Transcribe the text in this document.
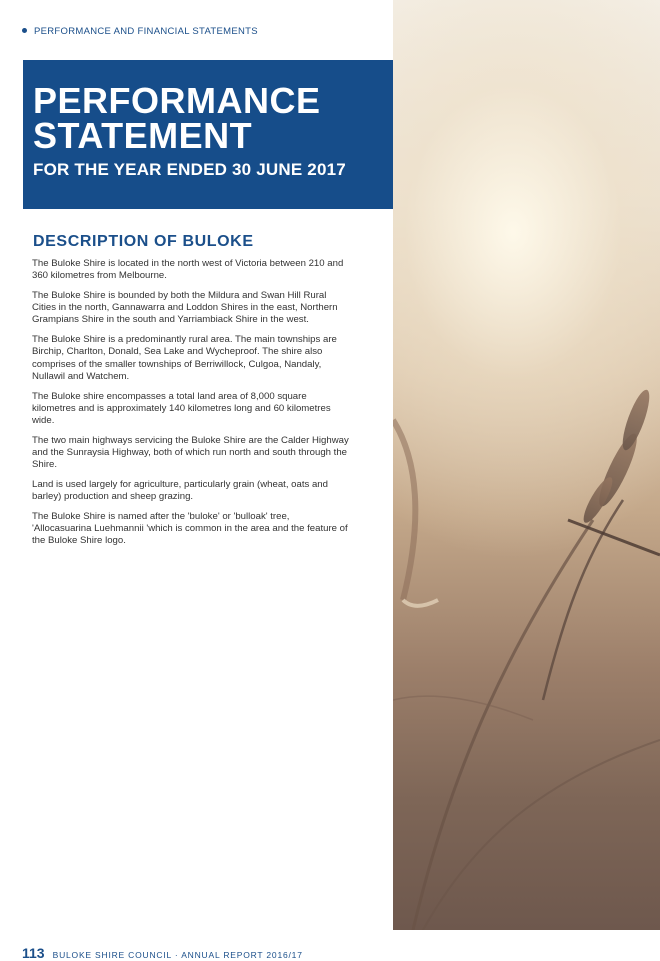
PERFORMANCE AND FINANCIAL STATEMENTS
PERFORMANCE
STATEMENT
FOR THE YEAR ENDED 30 JUNE 2017
DESCRIPTION OF BULOKE

The Buloke Shire is located in the north west of Victoria between 210 and 360 kilometres from Melbourne.

The Buloke Shire is bounded by both the Mildura and Swan Hill Rural Cities in the north, Gannawarra and Loddon Shires in the east, Northern Grampians Shire in the south and Yarriambiack Shire in the west.

The Buloke Shire is a predominantly rural area. The main townships are Birchip, Charlton, Donald, Sea Lake and Wycheproof. The shire also comprises of the smaller townships of Berriwillock, Culgoa, Nandaly, Nullawil and Watchem.

The Buloke shire encompasses a total land area of 8,000 square kilometres and is approximately 140 kilometres long and 60 kilometres wide.

The two main highways servicing the Buloke Shire are the Calder Highway and the Sunraysia Highway, both of which run north and south through the Shire.

Land is used largely for agriculture, particularly grain (wheat, oats and barley) production and sheep grazing.

The Buloke Shire is named after the 'buloke' or 'bulloak' tree, 'Allocasuarina Luehmannii 'which is common in the area and the feature of the Buloke Shire logo.

113 BULOKE SHIRE COUNCIL · ANNUAL REPORT 2016/17
